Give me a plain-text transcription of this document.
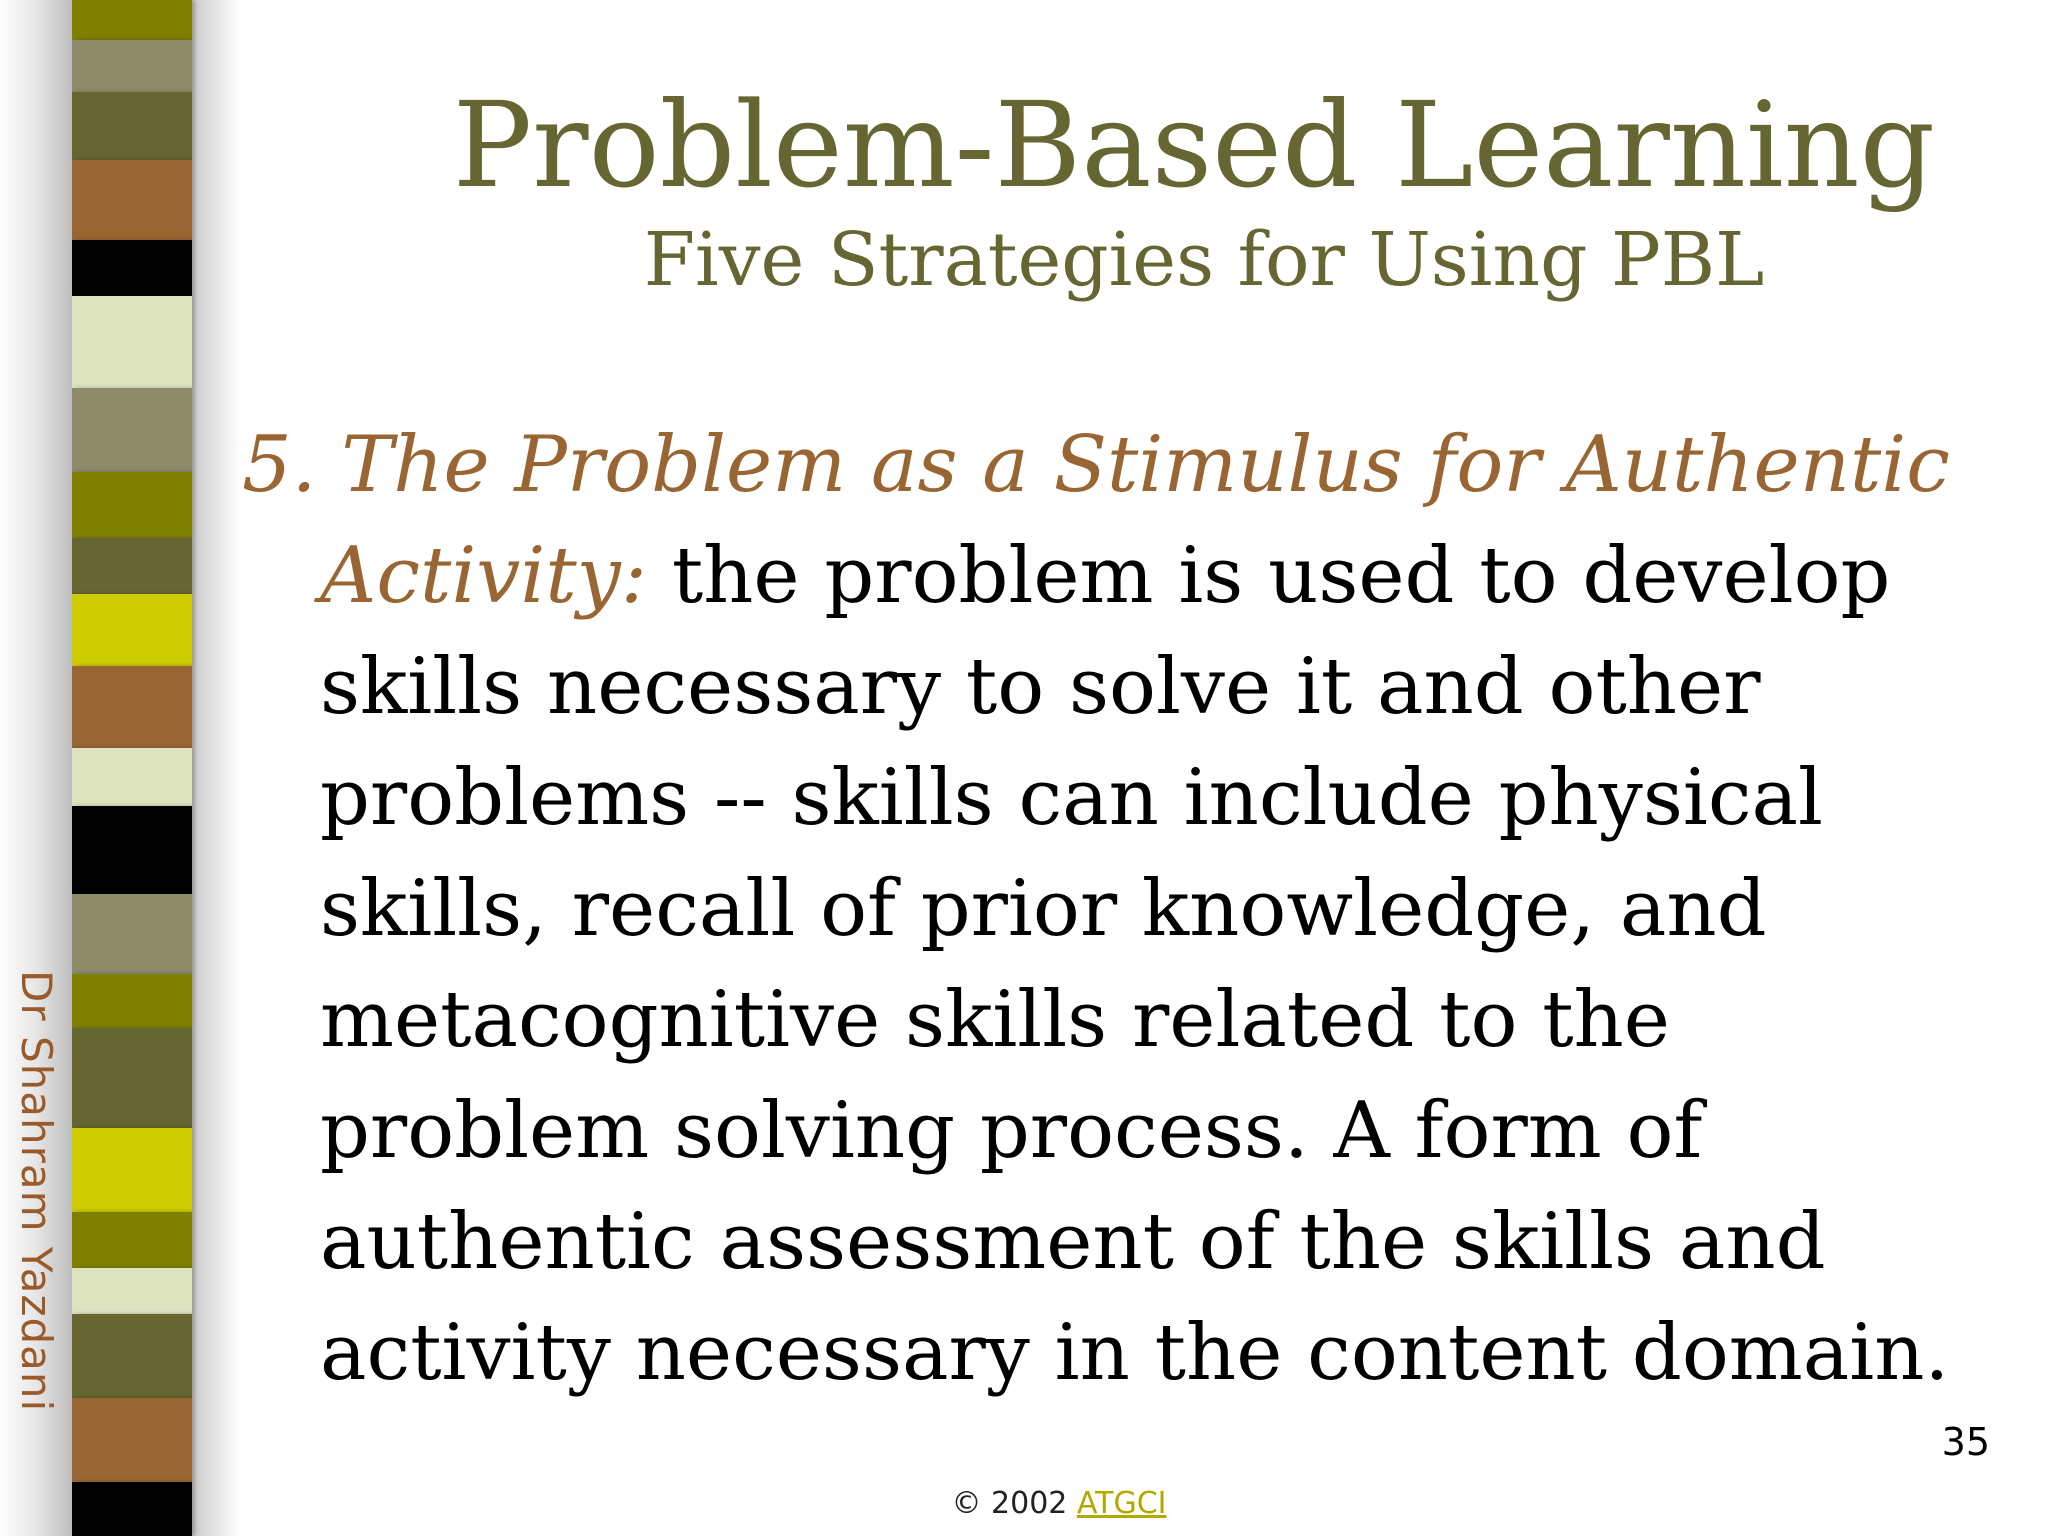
Dr Shahram Yazdani
Problem-Based Learning
Five Strategies for Using PBL
5. The Problem as a Stimulus for Authentic
Activity: the problem is used to develop
skills necessary to solve it and other
problems -- skills can include physical
skills, recall of prior knowledge, and
metacognitive skills related to the
problem solving process. A form of
authentic assessment of the skills and
activity necessary in the content domain.
35
© 2002 ATGCI
